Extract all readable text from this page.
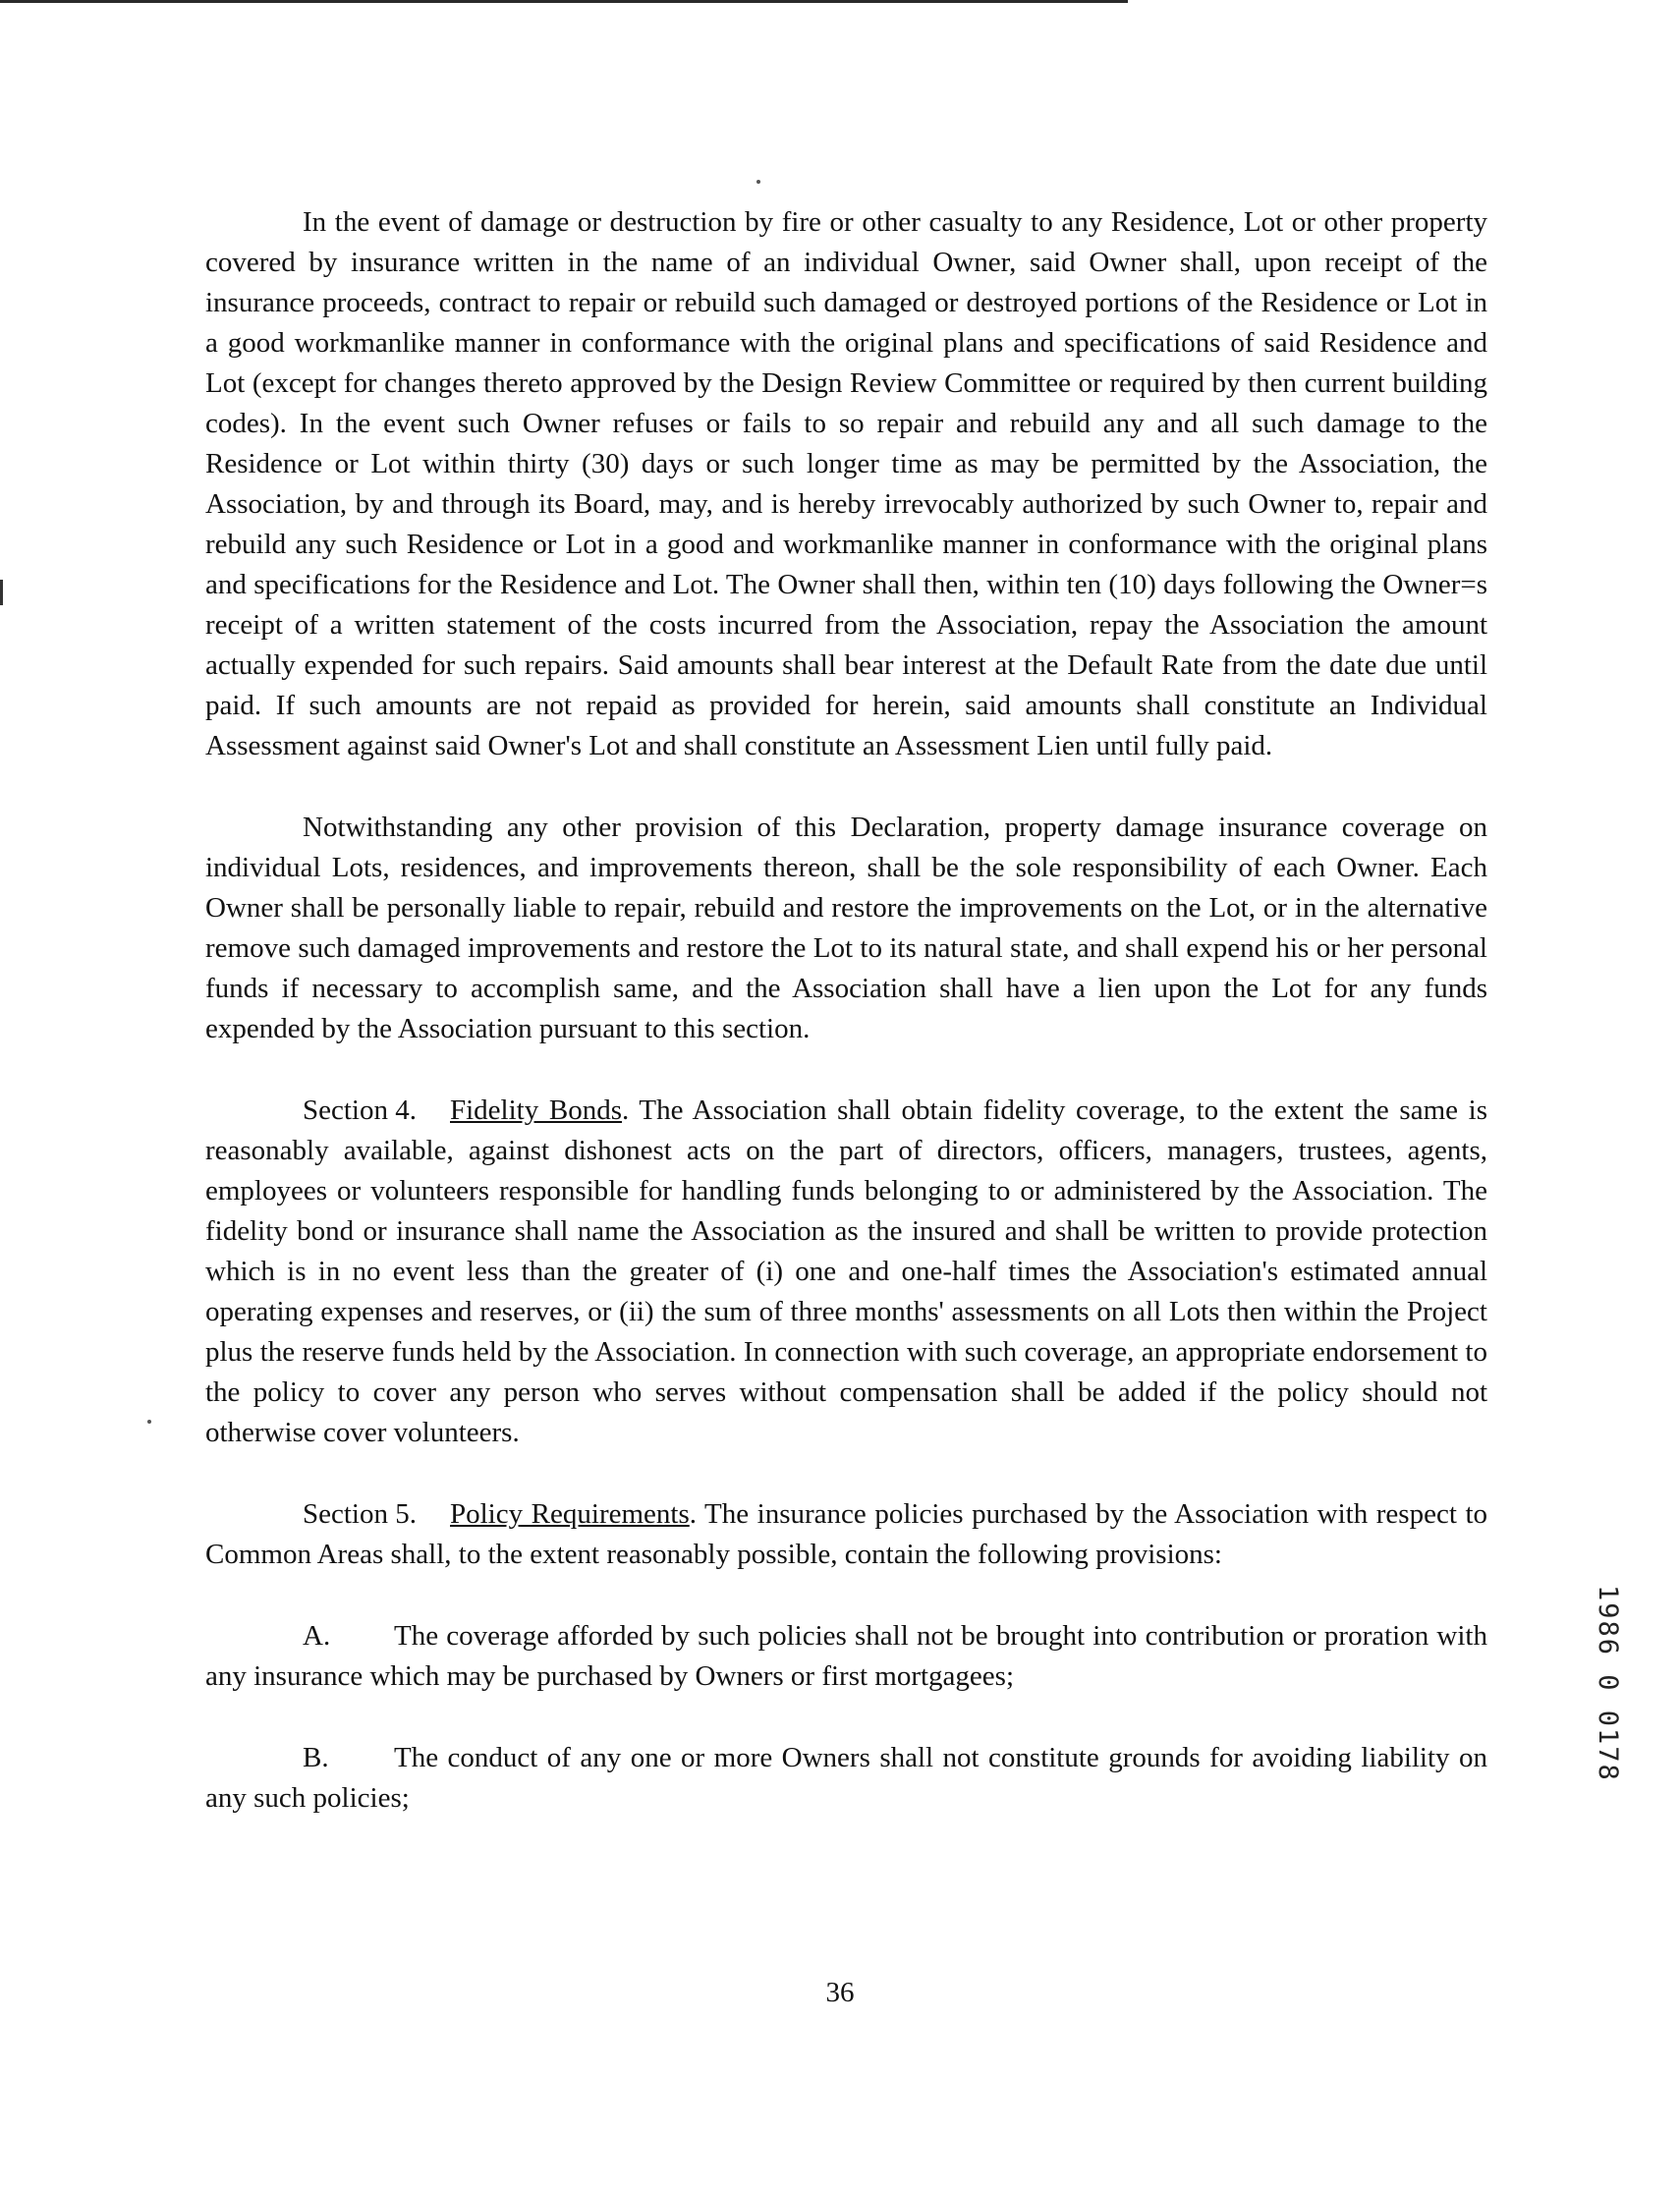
In the event of damage or destruction by fire or other casualty to any Residence, Lot or other property covered by insurance written in the name of an individual Owner, said Owner shall, upon receipt of the insurance proceeds, contract to repair or rebuild such damaged or destroyed portions of the Residence or Lot in a good workmanlike manner in conformance with the original plans and specifications of said Residence and Lot (except for changes thereto approved by the Design Review Committee or required by then current building codes). In the event such Owner refuses or fails to so repair and rebuild any and all such damage to the Residence or Lot within thirty (30) days or such longer time as may be permitted by the Association, the Association, by and through its Board, may, and is hereby irrevocably authorized by such Owner to, repair and rebuild any such Residence or Lot in a good and workmanlike manner in conformance with the original plans and specifications for the Residence and Lot. The Owner shall then, within ten (10) days following the Owner=s receipt of a written statement of the costs incurred from the Association, repay the Association the amount actually expended for such repairs. Said amounts shall bear interest at the Default Rate from the date due until paid. If such amounts are not repaid as provided for herein, said amounts shall constitute an Individual Assessment against said Owner's Lot and shall constitute an Assessment Lien until fully paid.

Notwithstanding any other provision of this Declaration, property damage insurance coverage on individual Lots, residences, and improvements thereon, shall be the sole responsibility of each Owner. Each Owner shall be personally liable to repair, rebuild and restore the improvements on the Lot, or in the alternative remove such damaged improvements and restore the Lot to its natural state, and shall expend his or her personal funds if necessary to accomplish same, and the Association shall have a lien upon the Lot for any funds expended by the Association pursuant to this section.

Section 4. Fidelity Bonds. The Association shall obtain fidelity coverage, to the extent the same is reasonably available, against dishonest acts on the part of directors, officers, managers, trustees, agents, employees or volunteers responsible for handling funds belonging to or administered by the Association. The fidelity bond or insurance shall name the Association as the insured and shall be written to provide protection which is in no event less than the greater of (i) one and one-half times the Association's estimated annual operating expenses and reserves, or (ii) the sum of three months' assessments on all Lots then within the Project plus the reserve funds held by the Association. In connection with such coverage, an appropriate endorsement to the policy to cover any person who serves without compensation shall be added if the policy should not otherwise cover volunteers.

Section 5. Policy Requirements. The insurance policies purchased by the Association with respect to Common Areas shall, to the extent reasonably possible, contain the following provisions:

A. The coverage afforded by such policies shall not be brought into contribution or proration with any insurance which may be purchased by Owners or first mortgagees;

B. The conduct of any one or more Owners shall not constitute grounds for avoiding liability on any such policies;

36
1986 0 0178
